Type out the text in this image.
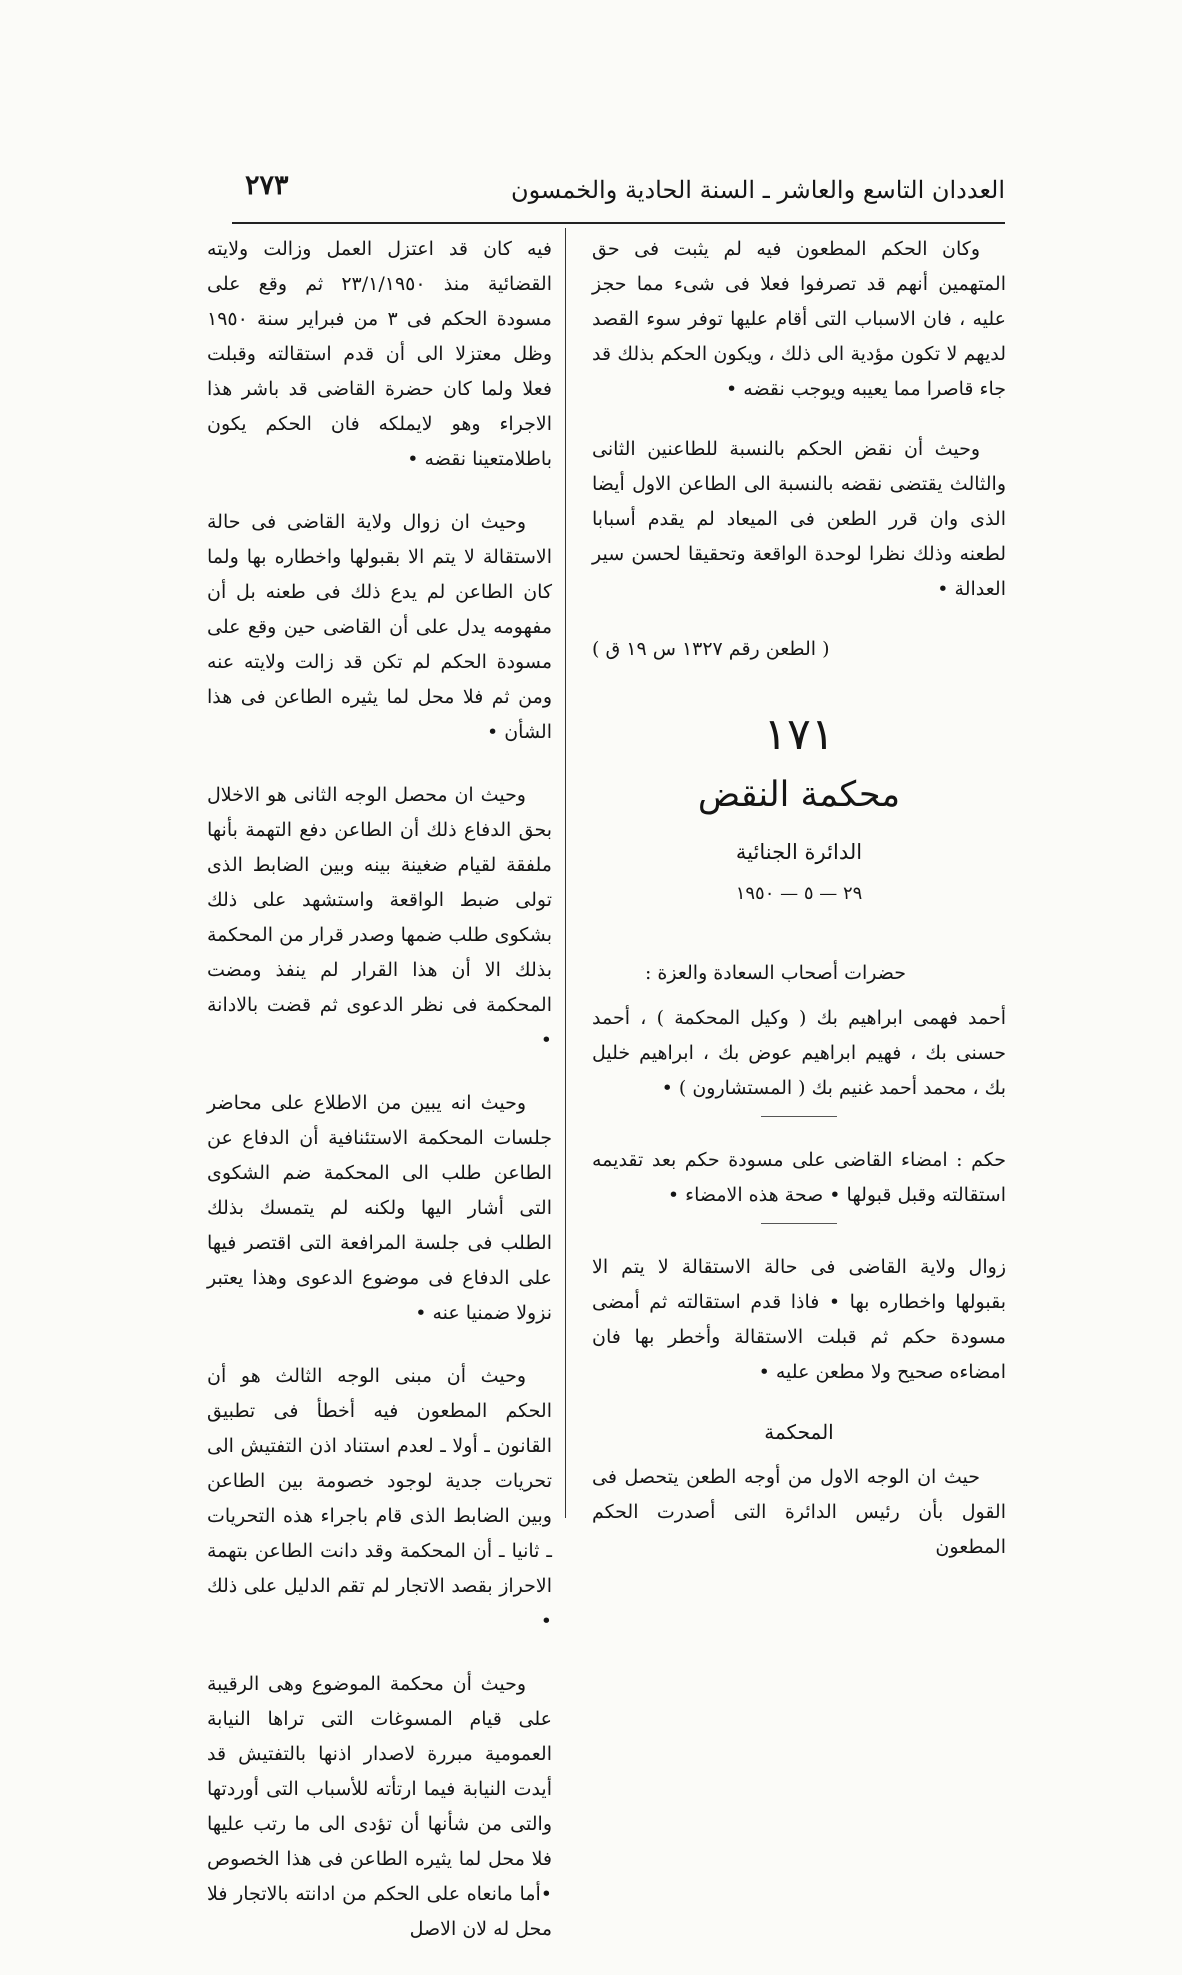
العددان التاسع والعاشر ـ السنة الحادية والخمسون
٢٧٣

وكان الحكم المطعون فيه لم يثبت فى حق المتهمين أنهم قد تصرفوا فعلا فى شىء مما حجز عليه ، فان الاسباب التى أقام عليها توفر سوء القصد لديهم لا تكون مؤدية الى ذلك ، ويكون الحكم بذلك قد جاء قاصرا مما يعيبه ويوجب نقضه •

وحيث أن نقض الحكم بالنسبة للطاعنين الثانى والثالث يقتضى نقضه بالنسبة الى الطاعن الاول أيضا الذى وان قرر الطعن فى الميعاد لم يقدم أسبابا لطعنه وذلك نظرا لوحدة الواقعة وتحقيقا لحسن سير العدالة •

( الطعن رقم ١٣٢٧ س ١٩ ق )
١٧١
محكمة النقض
الدائرة الجنائية
٢٩ — ٥ — ١٩٥٠

حضرات أصحاب السعادة والعزة :

أحمد فهمى ابراهيم بك ( وكيل المحكمة ) ، أحمد حسنى بك ، فهيم ابراهيم عوض بك ، ابراهيم خليل بك ، محمد أحمد غنيم بك ( المستشارون ) •

حكم : امضاء القاضى على مسودة حكم بعد تقديمه استقالته وقبل قبولها • صحة هذه الامضاء •

زوال ولاية القاضى فى حالة الاستقالة لا يتم الا بقبولها واخطاره بها • فاذا قدم استقالته ثم أمضى مسودة حكم ثم قبلت الاستقالة وأخطر بها فان امضاءه صحيح ولا مطعن عليه •

المحكمة

حيث ان الوجه الاول من أوجه الطعن يتحصل فى القول بأن رئيس الدائرة التى أصدرت الحكم المطعون

فيه كان قد اعتزل العمل وزالت ولايته القضائية منذ ٢٣/١/١٩٥٠ ثم وقع على مسودة الحكم فى ٣ من فبراير سنة ١٩٥٠ وظل معتزلا الى أن قدم استقالته وقبلت فعلا ولما كان حضرة القاضى قد باشر هذا الاجراء وهو لايملكه فان الحكم يكون باطلامتعينا نقضه •

وحيث ان زوال ولاية القاضى فى حالة الاستقالة لا يتم الا بقبولها واخطاره بها ولما كان الطاعن لم يدع ذلك فى طعنه بل أن مفهومه يدل على أن القاضى حين وقع على مسودة الحكم لم تكن قد زالت ولايته عنه ومن ثم فلا محل لما يثيره الطاعن فى هذا الشأن •

وحيث ان محصل الوجه الثانى هو الاخلال بحق الدفاع ذلك أن الطاعن دفع التهمة بأنها ملفقة لقيام ضغينة بينه وبين الضابط الذى تولى ضبط الواقعة واستشهد على ذلك بشكوى طلب ضمها وصدر قرار من المحكمة بذلك الا أن هذا القرار لم ينفذ ومضت المحكمة فى نظر الدعوى ثم قضت بالادانة •

وحيث انه يبين من الاطلاع على محاضر جلسات المحكمة الاستئنافية أن الدفاع عن الطاعن طلب الى المحكمة ضم الشكوى التى أشار اليها ولكنه لم يتمسك بذلك الطلب فى جلسة المرافعة التى اقتصر فيها على الدفاع فى موضوع الدعوى وهذا يعتبر نزولا ضمنيا عنه •

وحيث أن مبنى الوجه الثالث هو أن الحكم المطعون فيه أخطأ فى تطبيق القانون ـ أولا ـ لعدم استناد اذن التفتيش الى تحريات جدية لوجود خصومة بين الطاعن وبين الضابط الذى قام باجراء هذه التحريات ـ ثانيا ـ أن المحكمة وقد دانت الطاعن بتهمة الاحراز بقصد الاتجار لم تقم الدليل على ذلك •

وحيث أن محكمة الموضوع وهى الرقيبة على قيام المسوغات التى تراها النيابة العمومية مبررة لاصدار اذنها بالتفتيش قد أيدت النيابة فيما ارتأته للأسباب التى أوردتها والتى من شأنها أن تؤدى الى ما رتب عليها فلا محل لما يثيره الطاعن فى هذا الخصوص •أما مانعاه على الحكم من ادانته بالاتجار فلا محل له لان الاصل
